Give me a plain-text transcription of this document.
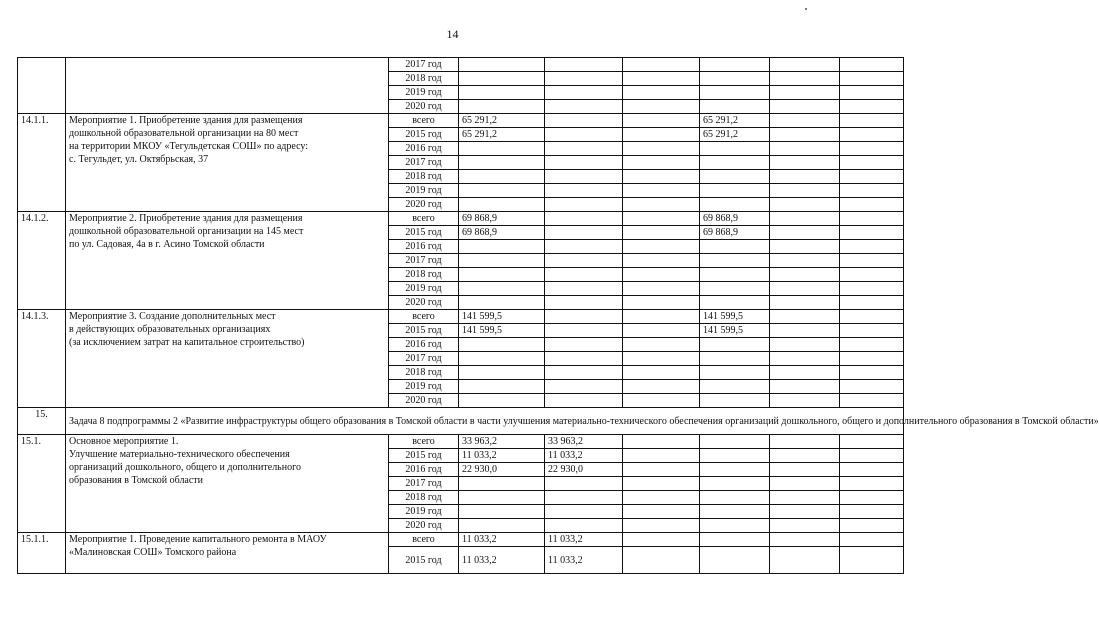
14
		2017 год						
		2018 год						
		2019 год						
		2020 год						
14.1.1.	Мероприятие 1. Приобретение здания для размещения
дошкольной образовательной организации на 80 мест
на территории МКОУ «Тегульдетская СОШ» по адресу:
с. Тегульдет, ул. Октябрьская, 37	всего	65 291,2			65 291,2		
		2015 год	65 291,2			65 291,2		
		2016 год						
		2017 год						
		2018 год						
		2019 год						
		2020 год						
14.1.2.	Мероприятие 2. Приобретение здания для размещения
дошкольной образовательной организации на 145 мест
по ул. Садовая, 4а в г. Асино Томской области	всего	69 868,9			69 868,9		
		2015 год	69 868,9			69 868,9		
		2016 год						
		2017 год						
		2018 год						
		2019 год						
		2020 год						
14.1.3.	Мероприятие 3. Создание дополнительных мест
в действующих образовательных организациях
(за исключением затрат на капитальное строительство)	всего	141 599,5			141 599,5		
		2015 год	141 599,5			141 599,5		
		2016 год						
		2017 год						
		2018 год						
		2019 год						
		2020 год						
15.	Задача 8 подпрограммы 2 «Развитие инфраструктуры общего образования в Томской области в части улучшения материально-технического обеспечения организаций дошкольного, общего и дополнительного образования в Томской области»							
15.1.	Основное мероприятие 1.
Улучшение материально-технического обеспечения
организаций дошкольного, общего и дополнительного
образования в Томской области	всего	33 963,2	33 963,2				
		2015 год	11 033,2	11 033,2				
		2016 год	22 930,0	22 930,0				
		2017 год						
		2018 год						
		2019 год						
		2020 год						
15.1.1.	Мероприятие 1. Проведение капитального ремонта в МАОУ
«Малиновская СОШ» Томского района	всего	11 033,2	11 033,2				
		2015 год	11 033,2	11 033,2				
